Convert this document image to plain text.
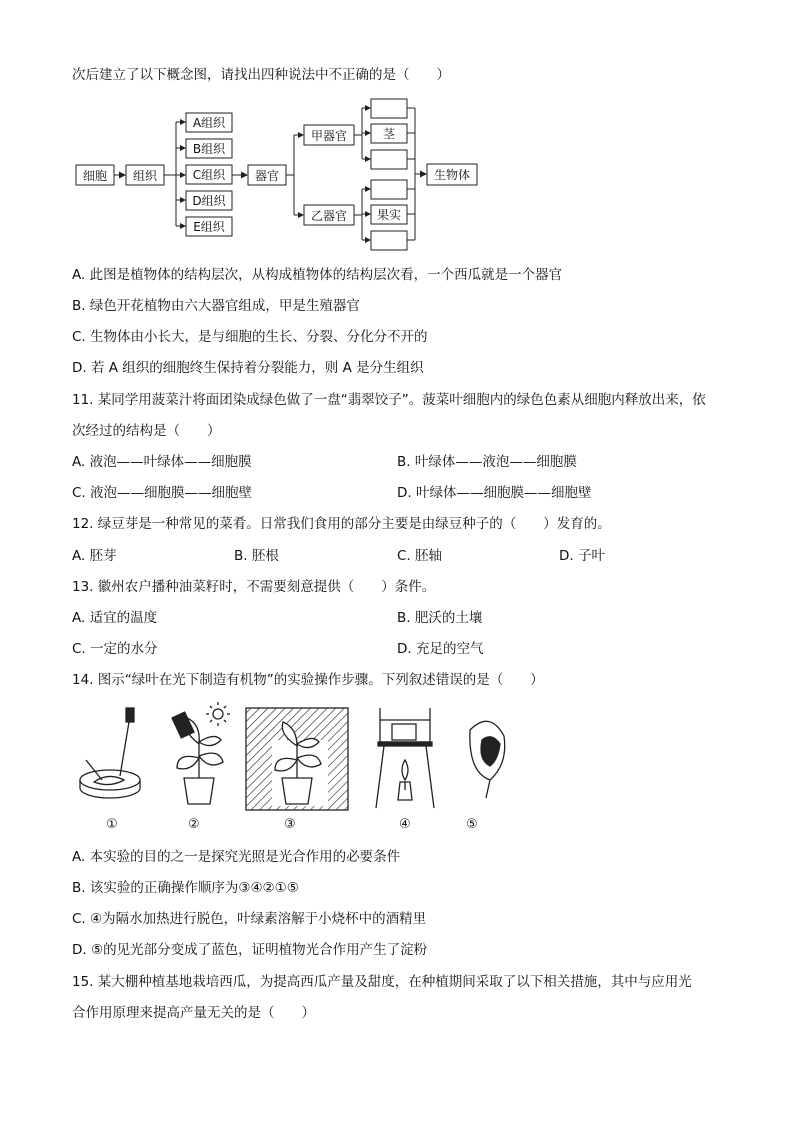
次后建立了以下概念图，请找出四种说法中不正确的是（　　）
细胞 组织
A组织
B组织
C组织
D组织
E组织
器官
甲器官
乙器官
茎
果实
生物体
A. 此图是植物体的结构层次，从构成植物体的结构层次看，一个西瓜就是一个器官
B. 绿色开花植物由六大器官组成，甲是生殖器官
C. 生物体由小长大，是与细胞的生长、分裂、分化分不开的
D. 若 A 组织的细胞终生保持着分裂能力，则 A 是分生组织
11. 某同学用菠菜汁将面团染成绿色做了一盘“翡翠饺子”。菠菜叶细胞内的绿色色素从细胞内释放出来，依
次经过的结构是（　　）
A. 液泡——叶绿体——细胞膜	B. 叶绿体——液泡——细胞膜
C. 液泡——细胞膜——细胞壁	D. 叶绿体——细胞膜——细胞壁
12. 绿豆芽是一种常见的菜肴。日常我们食用的部分主要是由绿豆种子的（　　）发育的。
A. 胚芽	B. 胚根	C. 胚轴	D. 子叶
13. 徽州农户播种油菜籽时，不需要刻意提供（　　）条件。
A. 适宜的温度	B. 肥沃的土壤
C. 一定的水分	D. 充足的空气
14. 图示“绿叶在光下制造有机物”的实验操作步骤。下列叙述错误的是（　　）
①	②	③	④	⑤
A. 本实验的目的之一是探究光照是光合作用的必要条件
B. 该实验的正确操作顺序为③④②①⑤
C. ④为隔水加热进行脱色，叶绿素溶解于小烧杯中的酒精里
D. ⑤的见光部分变成了蓝色，证明植物光合作用产生了淀粉
15. 某大棚种植基地栽培西瓜，为提高西瓜产量及甜度，在种植期间采取了以下相关措施，其中与应用光
合作用原理来提高产量无关的是（　　）
